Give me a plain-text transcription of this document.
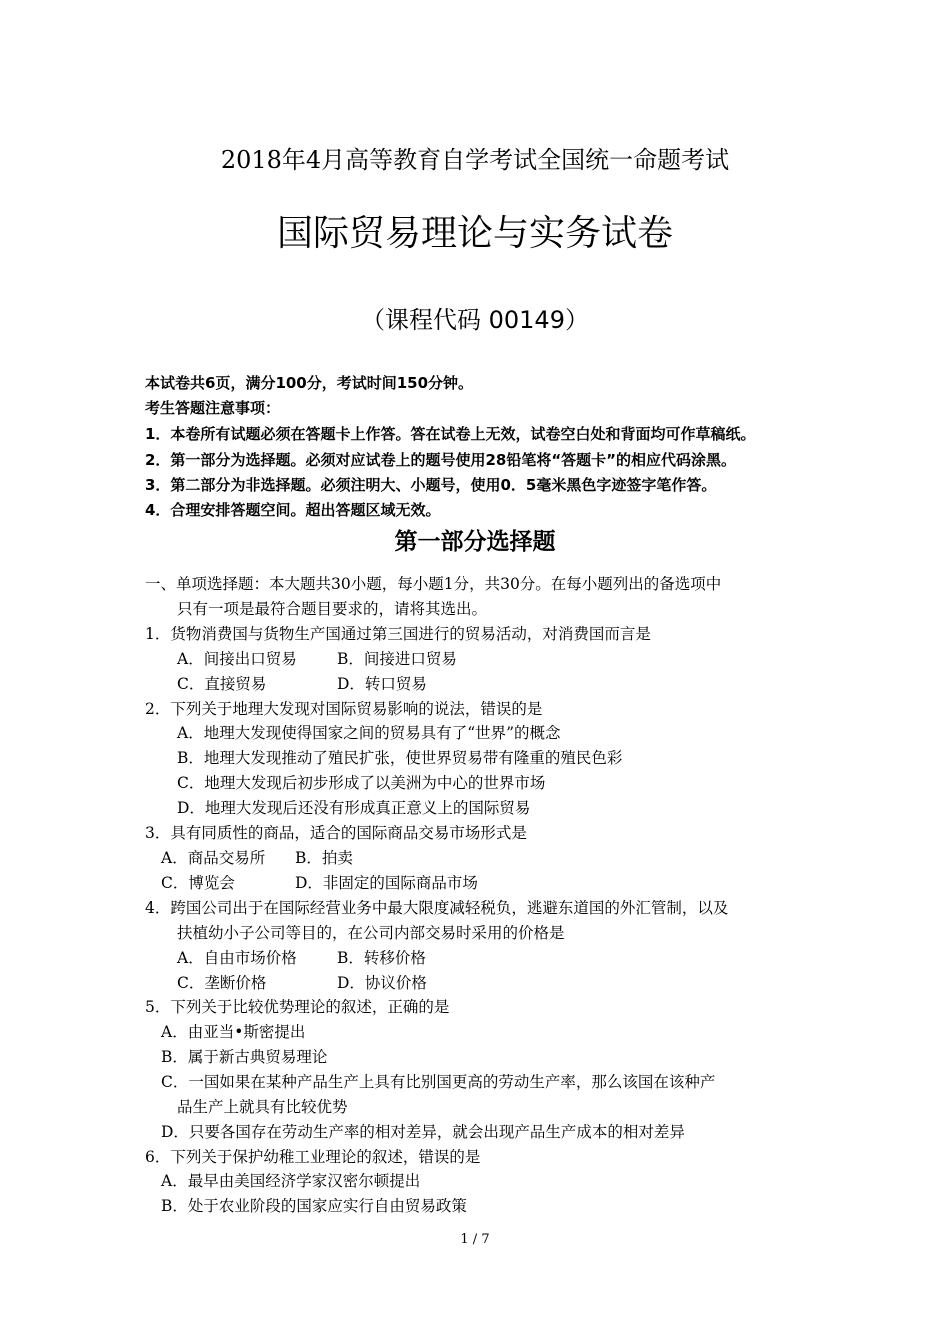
2018年4月高等教育自学考试全国统一命题考试
国际贸易理论与实务试卷
（课程代码 00149）
本试卷共6页，满分100分，考试时间150分钟。
考生答题注意事项：
1．本卷所有试题必须在答题卡上作答。答在试卷上无效，试卷空白处和背面均可作草稿纸。
2．第一部分为选择题。必须对应试卷上的题号使用28铅笔将“答题卡”的相应代码涂黑。
3．第二部分为非选择题。必须注明大、小题号，使用0．5毫米黑色字迹签字笔作答。
4．合理安排答题空间。超出答题区域无效。
第一部分选择题
一、单项选择题：本大题共30小题，每小题1分，共30分。在每小题列出的备选项中
只有一项是最符合题目要求的，请将其选出。
1．货物消费国与货物生产国通过第三国进行的贸易活动，对消费国而言是
A．间接出口贸易	B．间接进口贸易
C．直接贸易	D．转口贸易
2．下列关于地理大发现对国际贸易影响的说法，错误的是
A．地理大发现使得国家之间的贸易具有了“世界”的概念
B．地理大发现推动了殖民扩张，使世界贸易带有隆重的殖民色彩
C．地理大发现后初步形成了以美洲为中心的世界市场
D．地理大发现后还没有形成真正意义上的国际贸易
3．具有同质性的商品，适合的国际商品交易市场形式是
A．商品交易所 B．拍卖
C．博览会	D．非固定的国际商品市场
4．跨国公司出于在国际经营业务中最大限度减轻税负，逃避东道国的外汇管制，以及
扶植幼小子公司等目的，在公司内部交易时采用的价格是
A．自由市场价格	B．转移价格
C．垄断价格	D．协议价格
5．下列关于比较优势理论的叙述，正确的是
A．由亚当•斯密提出
B．属于新古典贸易理论
C．一国如果在某种产品生产上具有比别国更高的劳动生产率，那么该国在该种产
品生产上就具有比较优势
D．只要各国存在劳动生产率的相对差异，就会出现产品生产成本的相对差异
6．下列关于保护幼稚工业理论的叙述，错误的是
A．最早由美国经济学家汉密尔顿提出
B．处于农业阶段的国家应实行自由贸易政策
1 / 7
